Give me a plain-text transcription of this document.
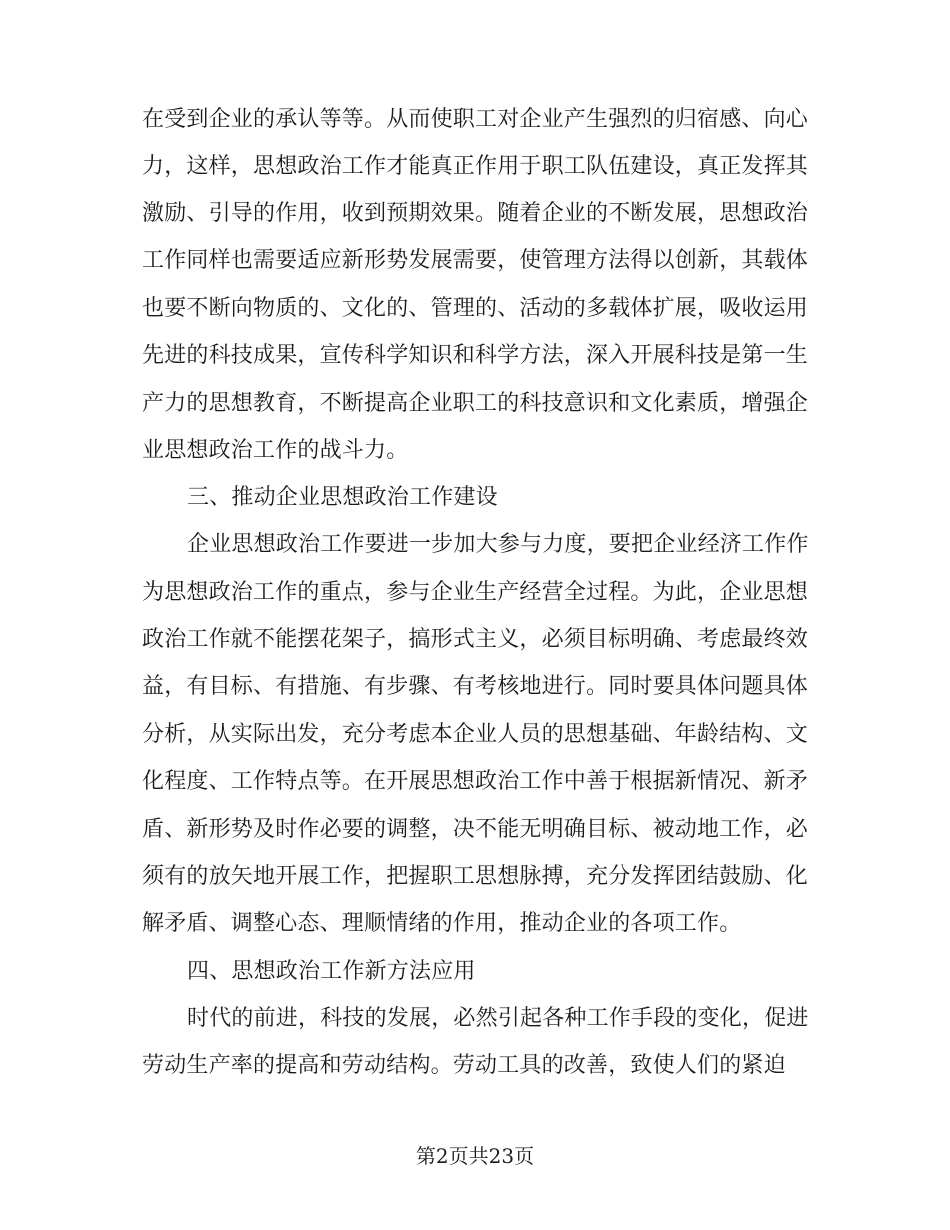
在受到企业的承认等等。从而使职工对企业产生强烈的归宿感、向心
力，这样，思想政治工作才能真正作用于职工队伍建设，真正发挥其
激励、引导的作用，收到预期效果。随着企业的不断发展，思想政治
工作同样也需要适应新形势发展需要，使管理方法得以创新，其载体
也要不断向物质的、文化的、管理的、活动的多载体扩展，吸收运用
先进的科技成果，宣传科学知识和科学方法，深入开展科技是第一生
产力的思想教育，不断提高企业职工的科技意识和文化素质，增强企
业思想政治工作的战斗力。
三、推动企业思想政治工作建设
企业思想政治工作要进一步加大参与力度，要把企业经济工作作
为思想政治工作的重点，参与企业生产经营全过程。为此，企业思想
政治工作就不能摆花架子，搞形式主义，必须目标明确、考虑最终效
益，有目标、有措施、有步骤、有考核地进行。同时要具体问题具体
分析，从实际出发，充分考虑本企业人员的思想基础、年龄结构、文
化程度、工作特点等。在开展思想政治工作中善于根据新情况、新矛
盾、新形势及时作必要的调整，决不能无明确目标、被动地工作，必
须有的放矢地开展工作，把握职工思想脉搏，充分发挥团结鼓励、化
解矛盾、调整心态、理顺情绪的作用，推动企业的各项工作。
四、思想政治工作新方法应用
时代的前进，科技的发展，必然引起各种工作手段的变化，促进
劳动生产率的提高和劳动结构。劳动工具的改善，致使人们的紧迫
第2页共23页
